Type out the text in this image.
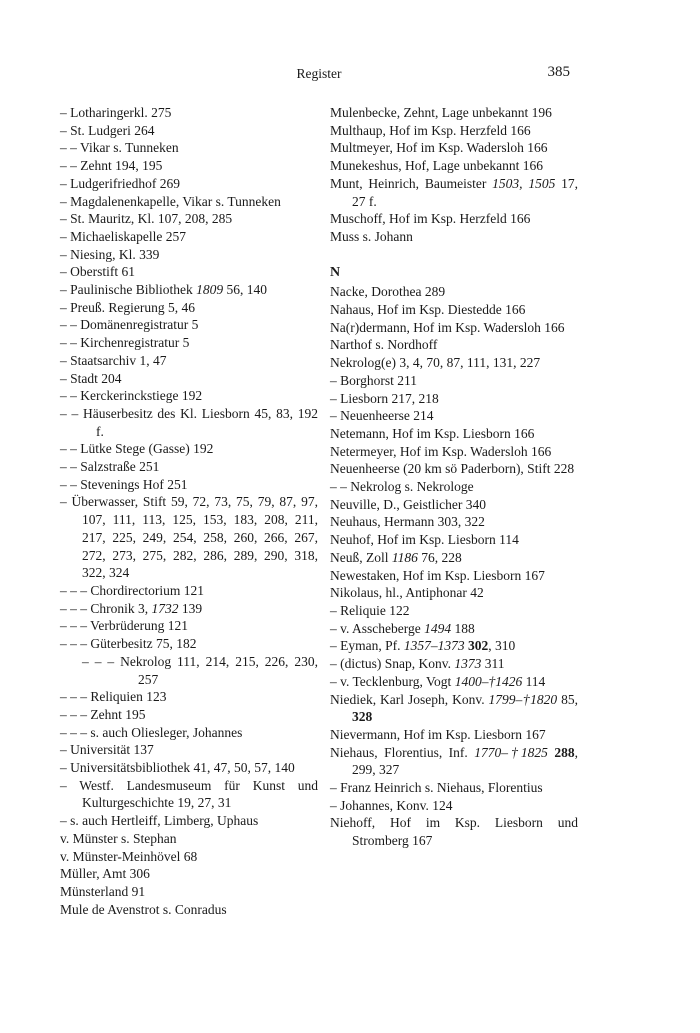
Register	385
– Lotharingerkl. 275
– St. Ludgeri 264
– – Vikar s. Tunneken
– – Zehnt 194, 195
– Ludgerifriedhof 269
– Magdalenenkapelle, Vikar s. Tunneken
– St. Mauritz, Kl. 107, 208, 285
– Michaeliskapelle 257
– Niesing, Kl. 339
– Oberstift 61
– Paulinische Bibliothek 1809 56, 140
– Preuß. Regierung 5, 46
– – Domänenregistratur 5
– – Kirchenregistratur 5
– Staatsarchiv 1, 47
– Stadt 204
– – Kerckerinckstiege 192
– – Häuserbesitz des Kl. Liesborn 45, 83, 192 f.
– – Lütke Stege (Gasse) 192
– – Salzstraße 251
– – Stevenings Hof 251
– Überwasser, Stift 59, 72, 73, 75, 79, 87, 97, 107, 111, 113, 125, 153, 183, 208, 211, 217, 225, 249, 254, 258, 260, 266, 267, 272, 273, 275, 282, 286, 289, 290, 318, 322, 324
– – – Chordirectorium 121
– – – Chronik 3, 1732 139
– – – Verbrüderung 121
– – – Güterbesitz 75, 182
– – – Nekrolog 111, 214, 215, 226, 230, 257
– – – Reliquien 123
– – – Zehnt 195
– – – s. auch Oliesleger, Johannes
– Universität 137
– Universitätsbibliothek 41, 47, 50, 57, 140
– Westf. Landesmuseum für Kunst und Kulturgeschichte 19, 27, 31
– s. auch Hertleiff, Limberg, Uphaus
v. Münster s. Stephan
v. Münster-Meinhövel 68
Müller, Amt 306
Münsterland 91
Mule de Avenstrot s. Conradus
Mulenbecke, Zehnt, Lage unbekannt 196
Multhaup, Hof im Ksp. Herzfeld 166
Multmeyer, Hof im Ksp. Wadersloh 166
Munekeshus, Hof, Lage unbekannt 166
Munt, Heinrich, Baumeister 1503, 1505 17, 27 f.
Muschoff, Hof im Ksp. Herzfeld 166
Muss s. Johann
N
Nacke, Dorothea 289
Nahaus, Hof im Ksp. Diestedde 166
Na(r)dermann, Hof im Ksp. Wadersloh 166
Narthof s. Nordhoff
Nekrolog(e) 3, 4, 70, 87, 111, 131, 227
– Borghorst 211
– Liesborn 217, 218
– Neuenheerse 214
Netemann, Hof im Ksp. Liesborn 166
Netermeyer, Hof im Ksp. Wadersloh 166
Neuenheerse (20 km sö Paderborn), Stift 228
– – Nekrolog s. Nekrologe
Neuville, D., Geistlicher 340
Neuhaus, Hermann 303, 322
Neuhof, Hof im Ksp. Liesborn 114
Neuß, Zoll 1186 76, 228
Newestaken, Hof im Ksp. Liesborn 167
Nikolaus, hl., Antiphonar 42
– Reliquie 122
– v. Asscheberge 1494 188
– Eyman, Pf. 1357–1373 302, 310
– (dictus) Snap, Konv. 1373 311
– v. Tecklenburg, Vogt 1400–†1426 114
Niediek, Karl Joseph, Konv. 1799–†1820 85, 328
Nievermann, Hof im Ksp. Liesborn 167
Niehaus, Florentius, Inf. 1770–†1825 288, 299, 327
– Franz Heinrich s. Niehaus, Florentius
– Johannes, Konv. 124
Niehoff, Hof im Ksp. Liesborn und Stromberg 167
